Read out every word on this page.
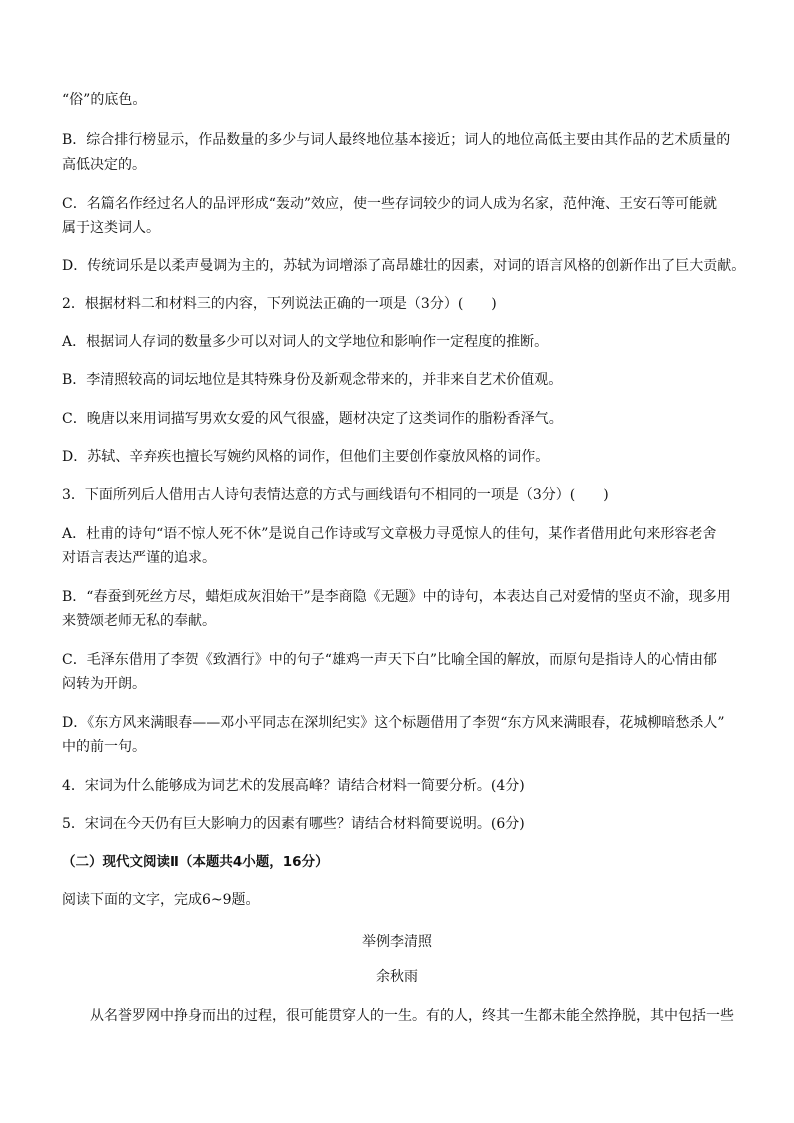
“俗”的底色。
B．综合排行榜显示，作品数量的多少与词人最终地位基本接近；词人的地位高低主要由其作品的艺术质量的
高低决定的。
C．名篇名作经过名人的品评形成“轰动”效应，使一些存词较少的词人成为名家，范仲淹、王安石等可能就
属于这类词人。
D．传统词乐是以柔声曼调为主的，苏轼为词增添了高昂雄壮的因素，对词的语言风格的创新作出了巨大贡献。
2．根据材料二和材料三的内容，下列说法正确的一项是（3分）(　　)
A．根据词人存词的数量多少可以对词人的文学地位和影响作一定程度的推断。
B．李清照较高的词坛地位是其特殊身份及新观念带来的，并非来自艺术价值观。
C．晚唐以来用词描写男欢女爱的风气很盛，题材决定了这类词作的脂粉香泽气。
D．苏轼、辛弃疾也擅长写婉约风格的词作，但他们主要创作豪放风格的词作。
3．下面所列后人借用古人诗句表情达意的方式与画线语句不相同的一项是（3分）(　　)
A．杜甫的诗句“语不惊人死不休”是说自己作诗或写文章极力寻觅惊人的佳句，某作者借用此句来形容老舍
对语言表达严谨的追求。
B．“春蚕到死丝方尽，蜡炬成灰泪始干”是李商隐《无题》中的诗句，本表达自己对爱情的坚贞不渝，现多用
来赞颂老师无私的奉献。
C．毛泽东借用了李贺《致酒行》中的句子“雄鸡一声天下白”比喻全国的解放，而原句是指诗人的心情由郁
闷转为开朗。
D．《东方风来满眼春——邓小平同志在深圳纪实》这个标题借用了李贺“东方风来满眼春，花城柳暗愁杀人”
中的前一句。
4．宋词为什么能够成为词艺术的发展高峰？请结合材料一简要分析。(4分)
5．宋词在今天仍有巨大影响力的因素有哪些？请结合材料简要说明。(6分)
（二）现代文阅读Ⅱ（本题共4小题，16分）
阅读下面的文字，完成6~9题。
举例李清照
余秋雨
从名誉罗网中挣身而出的过程，很可能贯穿人的一生。有的人，终其一生都未能全然挣脱，其中包括一些
